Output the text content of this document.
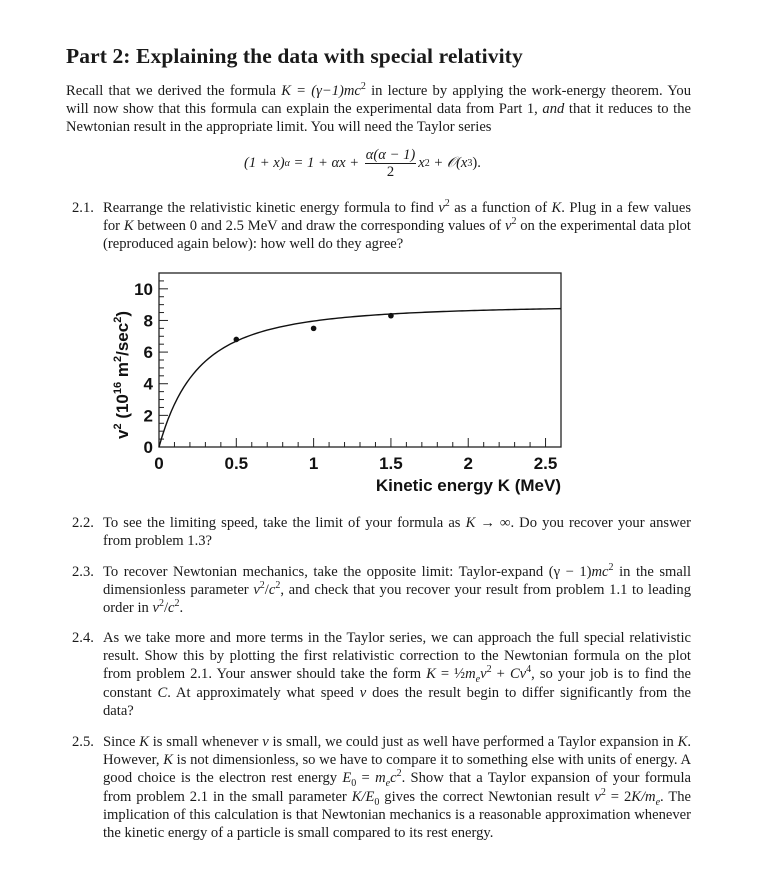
Part 2: Explaining the data with special relativity

Recall that we derived the formula $K = (\gamma-1)mc^2$ in lecture by applying the work-energy theorem. You will now show that this formula can explain the experimental data from Part 1, and that it reduces to the Newtonian result in the appropriate limit. You will need the Taylor series

(1 + x) $\alpha = 1 + \alpha x + \frac{\alpha(\alpha - 1)}{2}$ x 2 + 𝒪(x 3 ).
2.1. Rearrange the relativistic kinetic energy formula to find $v^2$ as a function of K. Plug in a few values for K between 0 and 2.5 MeV and draw the corresponding values of $v^2$ on the experimental data plot (reproduced again below): how well do they agree?
0	0.5	1	1.5	2	2.5
0
2
4
6
8
10
Kinetic energy K (MeV)
$v^2$ ($10^{16}$ $m^2/\sec^2$)
2.2. To see the limiting speed, take the limit of your formula as K → ∞. Do you recover your answer from problem 1.3?
2.3. To recover Newtonian mechanics, take the opposite limit: Taylor-expand $(\gamma - 1)mc^2$ in the small dimensionless parameter $v^2/c^2$, and check that you recover your result from problem 1.1 to leading order in $v^2/c^2$.
2.4. As we take more and more terms in the Taylor series, we can approach the full special relativistic result. Show this by plotting the first relativistic correction to the Newtonian formula on the plot from problem 2.1. Your answer should take the form $K = \frac{1}{2}m_ev^2 + Cv^4$, so your job is to find the constant C. At approximately what speed v does the result begin to differ significantly from the data?
2.5. Since K is small whenever v is small, we could just as well have performed a Taylor expansion in K. However, K is not dimensionless, so we have to compare it to something else with units of energy. A good choice is the electron rest energy $E_0 = m_ec^2$. Show that a Taylor expansion of your formula from problem 2.1 in the small parameter $K/E_0$ gives the correct Newtonian result $v^2 = 2K/m_e$. The implication of this calculation is that Newtonian mechanics is a reasonable approximation whenever the kinetic energy of a particle is small compared to its rest energy.
